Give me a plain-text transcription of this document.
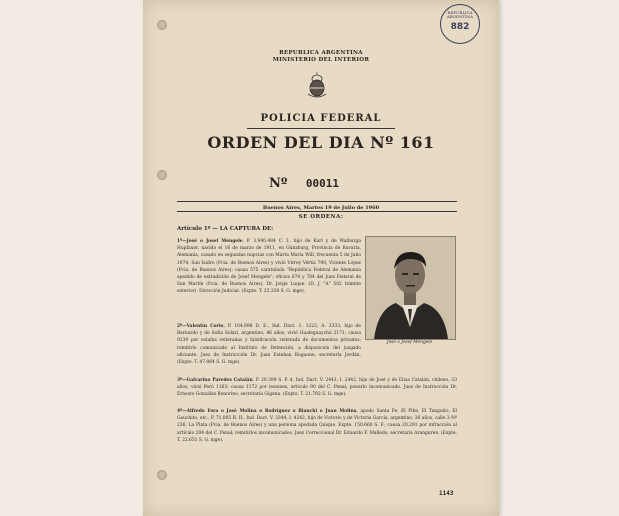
REPUBLICA ARGENTINA
882
REPUBLICA ARGENTINA
MINISTERIO DEL INTERIOR
POLICIA FEDERAL
ORDEN DEL DIA Nº 161
Nº 00011
Buenos Aires, Martes 19 de Julio de 1960
SE ORDENA:
Artículo 1º — LA CAPTURA DE:
1º—José o Josef Mengele, P. 3.940.484 C. I., hijo de Karl y de Walburga Hupfauer, nacido el 16 de marzo de 1911, en Günzburg, Provincia de Bavaria, Alemania, casado en segundas nupcias con Marta María Will, frecuenta 5 de Julio 1974, San Isidro (Pcia. de Buenos Aires) y vivió Virrey Vértiz 790, Vicente López (Pcia. de Buenos Aires); causa 575 caratulada "República Federal de Alemania apedido de extradición de Josef Mengele"; oficios 674 y 704 del Juez Federal de San Martín (Pcia. de Buenos Aires), Dr. Jorge Luque. (D. J. "A" 502 trámite exterior). Dirección Judicial. (Expte. T. 25.338 S. G. mge).
José o Josef Mengele
2º—Valentín Corio, P. 104.998 D. E., Ind. Dact. 1. 1222, A. 3333, hijo de Bernardo y de Sofía Solari, argentino, 46 años, vivió Gualeguaychú 2171; causa 9239 por estafas reiteradas y falsificación reiterada de documentos privados; remitirlo comunicado al Instituto de Detención, a disposición del juzgado oficiante. Juez de Instrucción Dr. Juan Esteban Buguone, secretaría Jordán. (Expte. T. 47.864 S. G. mge).
3º—Galvarino Paredes Catalán, P. 20.399 S. P. d, Ind. Dact. V. 2443, I. 2442, hijo de José y de Elisa Catalán, chileno, 33 años, vivió Perú 1163; causa 1172 por lesiones, artículo 90 del C. Penal; ponerlo incomunicado. Juez de Instrucción Dr. Ernesto González Bonorino, secretaría Gigena. (Expte. T. 21.782 S. G. mge).
4º—Alfredo Fora o José Molina o Rodríguez o Bianchi o Juan Molina, apodo Santa Fe, El Pibe, El Tanguito, El Gauchito, etc., P. 71.005 R. II., Ind. Dact. V. 3344, I. 4242, hijo de Victorio y de Victoria García, argentino, 36 años, calle 3 Nº 236, La Plata (Pcia. de Buenos Aires) y una persona apodada Quique. Expte. 150.660 S. F.; causa 20.291 por infracción al artículo 204 del C. Penal; remitirlos incomunicados. Juez Correccional Dr. Eduardo F. Malledo, secretaría Aranguren. (Expte. T. 22.651 S. G. mge).
1143
